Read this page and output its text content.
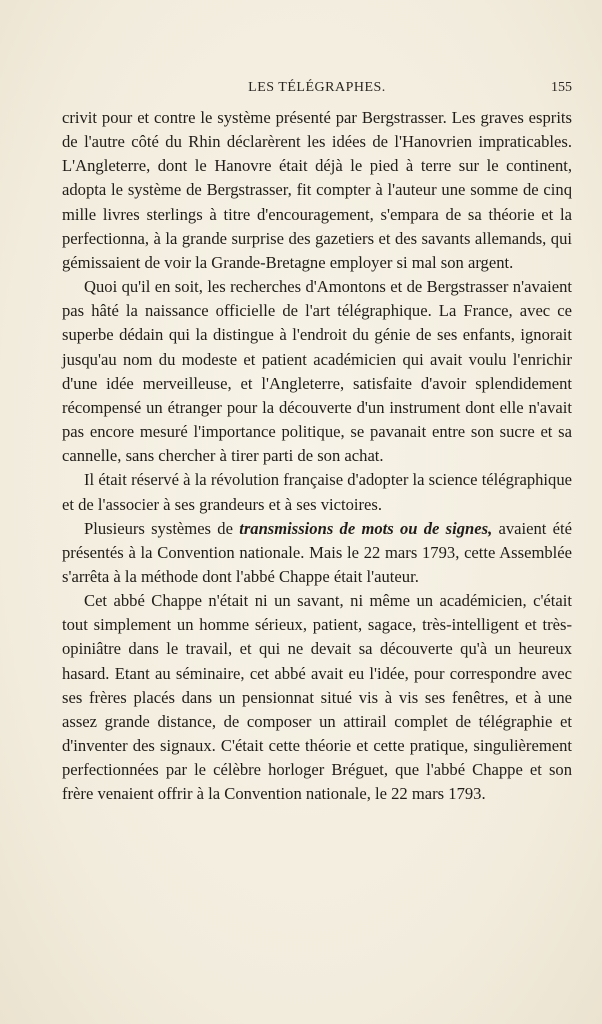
LES TÉLÉGRAPHES.	155

crivit pour et contre le système présenté par Bergstrasser. Les graves esprits de l'autre côté du Rhin déclarèrent les idées de l'Hanovrien impraticables. L'Angleterre, dont le Hanovre était déjà le pied à terre sur le continent, adopta le système de Bergstrasser, fit compter à l'auteur une somme de cinq mille livres sterlings à titre d'encouragement, s'empara de sa théorie et la perfectionna, à la grande surprise des gazetiers et des savants allemands, qui gémissaient de voir la Grande-Bretagne employer si mal son argent.

Quoi qu'il en soit, les recherches d'Amontons et de Bergstrasser n'avaient pas hâté la naissance officielle de l'art télégraphique. La France, avec ce superbe dédain qui la distingue à l'endroit du génie de ses enfants, ignorait jusqu'au nom du modeste et patient académicien qui avait voulu l'enrichir d'une idée merveilleuse, et l'Angleterre, satisfaite d'avoir splendidement récompensé un étranger pour la découverte d'un instrument dont elle n'avait pas encore mesuré l'importance politique, se pavanait entre son sucre et sa cannelle, sans chercher à tirer parti de son achat.

Il était réservé à la révolution française d'adopter la science télégraphique et de l'associer à ses grandeurs et à ses victoires.

Plusieurs systèmes de transmissions de mots ou de signes, avaient été présentés à la Convention nationale. Mais le 22 mars 1793, cette Assemblée s'arrêta à la méthode dont l'abbé Chappe était l'auteur.

Cet abbé Chappe n'était ni un savant, ni même un académicien, c'était tout simplement un homme sérieux, patient, sagace, très-intelligent et très-opiniâtre dans le travail, et qui ne devait sa découverte qu'à un heureux hasard. Etant au séminaire, cet abbé avait eu l'idée, pour correspondre avec ses frères placés dans un pensionnat situé vis à vis ses fenêtres, et à une assez grande distance, de composer un attirail complet de télégraphie et d'inventer des signaux. C'était cette théorie et cette pratique, singulièrement perfectionnées par le célèbre horloger Bréguet, que l'abbé Chappe et son frère venaient offrir à la Convention nationale, le 22 mars 1793.
